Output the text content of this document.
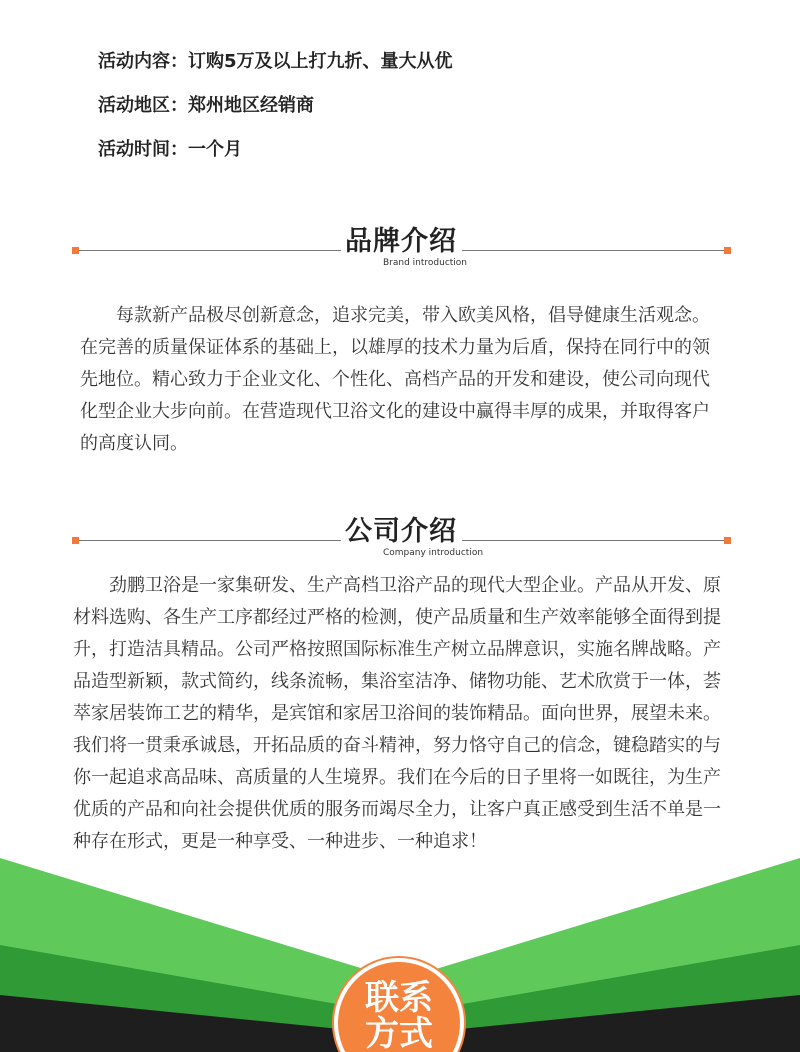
活动内容：订购5万及以上打九折、量大从优
活动地区：郑州地区经销商
活动时间：一个月
品牌介绍
Brand introduction

　　每款新产品极尽创新意念，追求完美，带入欧美风格，倡导健康生活观念。在完善的质量保证体系的基础上，以雄厚的技术力量为后盾，保持在同行中的领先地位。精心致力于企业文化、个性化、高档产品的开发和建设，使公司向现代化型企业大步向前。在营造现代卫浴文化的建设中赢得丰厚的成果，并取得客户的高度认同。

公司介绍
Company introduction

　　劲鹏卫浴是一家集研发、生产高档卫浴产品的现代大型企业。产品从开发、原材料选购、各生产工序都经过严格的检测，使产品质量和生产效率能够全面得到提升，打造洁具精品。公司严格按照国际标准生产树立品牌意识，实施名牌战略。产品造型新颖，款式简约，线条流畅，集浴室洁净、储物功能、艺术欣赏于一体，荟萃家居装饰工艺的精华，是宾馆和家居卫浴间的装饰精品。面向世界，展望未来。我们将一贯秉承诚恳，开拓品质的奋斗精神，努力恪守自己的信念，键稳踏实的与你一起追求高品味、高质量的人生境界。我们在今后的日子里将一如既往，为生产优质的产品和向社会提供优质的服务而竭尽全力，让客户真正感受到生活不单是一种存在形式，更是一种享受、一种进步、一种追求！

联系
方式
